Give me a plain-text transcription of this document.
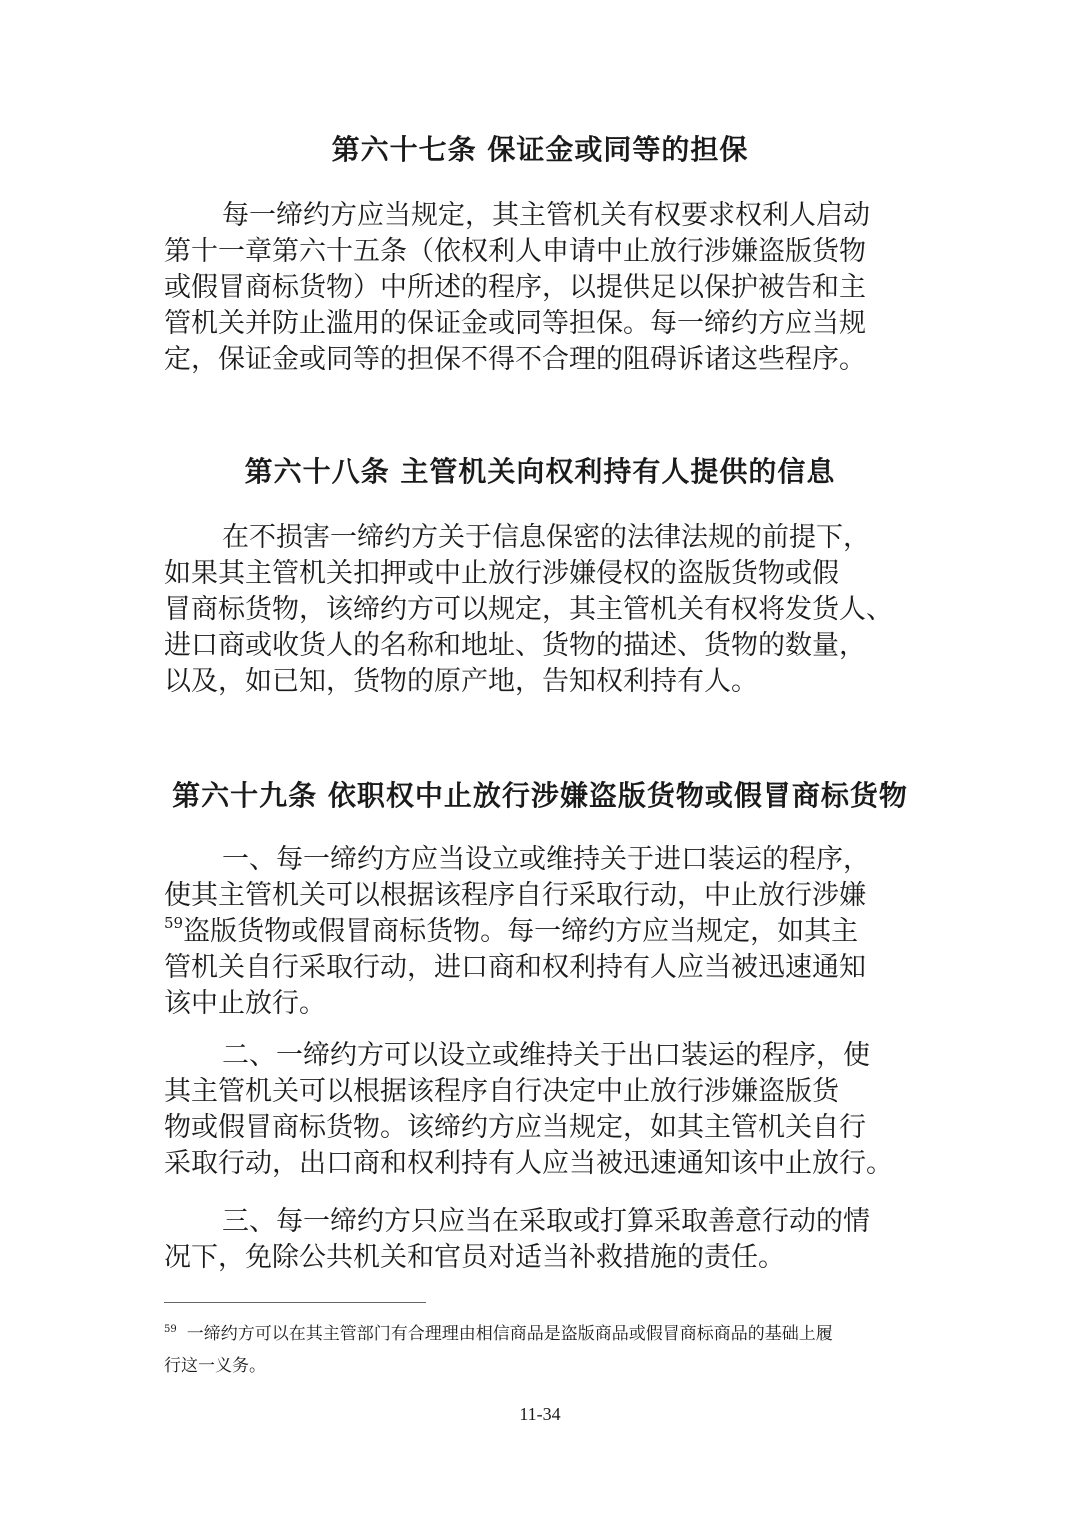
第六十七条 保证金或同等的担保
每一缔约方应当规定，其主管机关有权要求权利人启动
第十一章第六十五条（依权利人申请中止放行涉嫌盗版货物
或假冒商标货物）中所述的程序，以提供足以保护被告和主
管机关并防止滥用的保证金或同等担保。每一缔约方应当规
定，保证金或同等的担保不得不合理的阻碍诉诸这些程序。
第六十八条 主管机关向权利持有人提供的信息
在不损害一缔约方关于信息保密的法律法规的前提下，
如果其主管机关扣押或中止放行涉嫌侵权的盗版货物或假
冒商标货物，该缔约方可以规定，其主管机关有权将发货人、
进口商或收货人的名称和地址、货物的描述、货物的数量，
以及，如已知，货物的原产地，告知权利持有人。
第六十九条 依职权中止放行涉嫌盗版货物或假冒商标货物
一、每一缔约方应当设立或维持关于进口装运的程序，
使其主管机关可以根据该程序自行采取行动，中止放行涉嫌
$^{59}$盗版货物或假冒商标货物。每一缔约方应当规定，如其主
管机关自行采取行动，进口商和权利持有人应当被迅速通知
该中止放行。
二、一缔约方可以设立或维持关于出口装运的程序，使
其主管机关可以根据该程序自行决定中止放行涉嫌盗版货
物或假冒商标货物。该缔约方应当规定，如其主管机关自行
采取行动，出口商和权利持有人应当被迅速通知该中止放行。
三、每一缔约方只应当在采取或打算采取善意行动的情
况下，免除公共机关和官员对适当补救措施的责任。
$^{59}$ 一缔约方可以在其主管部门有合理理由相信商品是盗版商品或假冒商标商品的基础上履
行这一义务。
11-34
